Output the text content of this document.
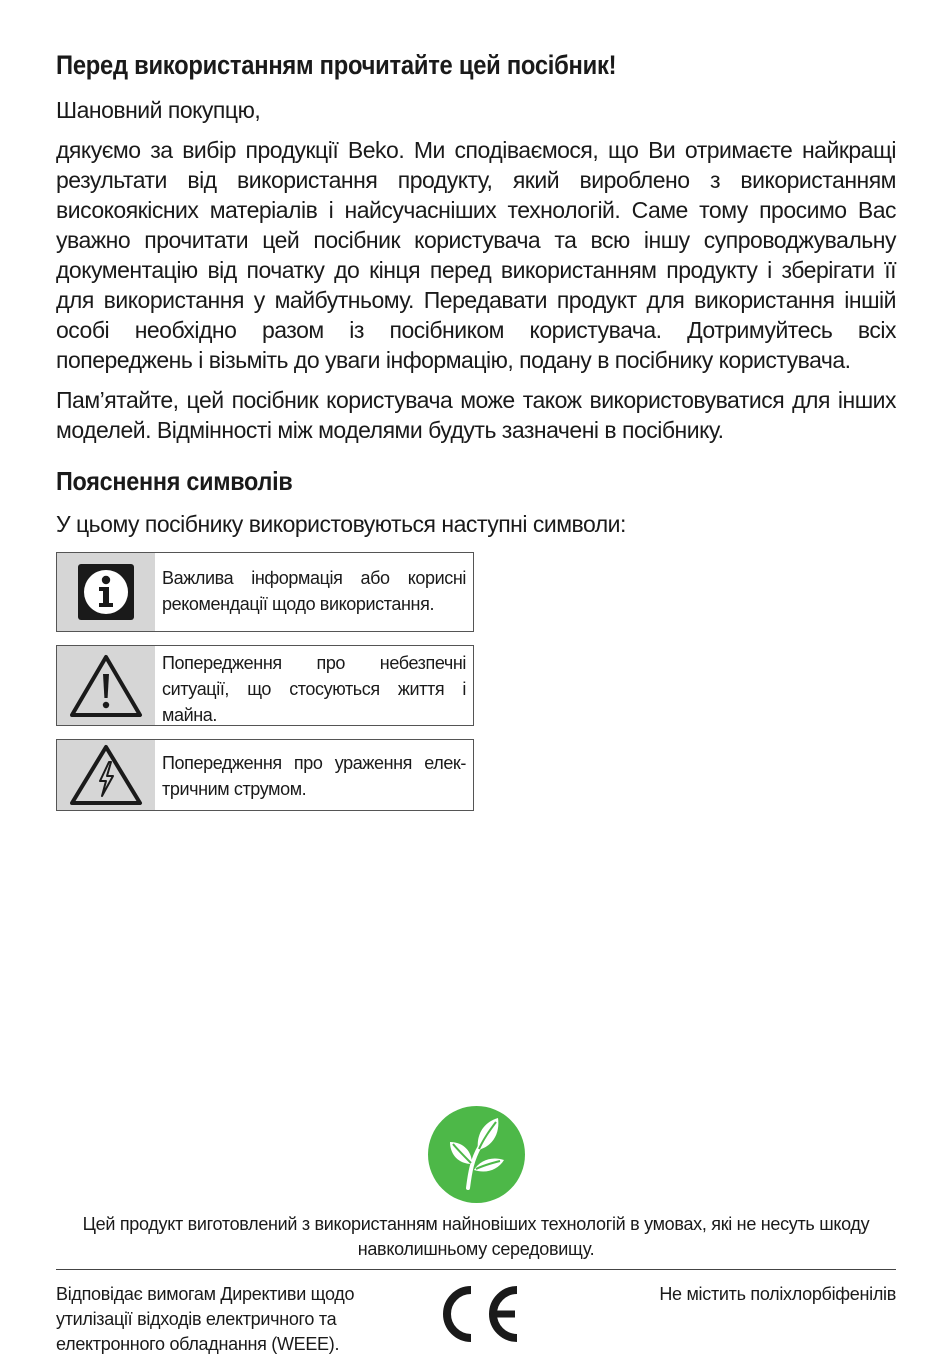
Перед використанням прочитайте цей посібник!
Шановний покупцю,
дякуємо за вибір продукції Beko. Ми сподіваємося, що Ви отримаєте найкращі результати від використання продукту, який вироблено з використанням високоякісних матеріалів і найсучасніших технологій. Саме тому просимо Вас уважно прочитати цей посібник користувача та всю іншу супроводжувальну документацію від початку до кінця перед використанням продукту і зберігати її для використання у майбутньому. Передавати продукт для використання іншій особі необхідно разом із посібником користувача. Дотримуйтесь всіх попереджень і візьміть до уваги інформацію, подану в посібнику користувача.
Пам’ятайте, цей посібник користувача може також використовуватися для інших моделей. Відмінності між моделями будуть зазначені в посібнику.
Пояснення символів
У цьому посібнику використовуються наступні символи:
Важлива інформація або корисні рекомендації щодо використання.
Попередження про небезпечні ситуації, що стосуються життя і майна.
Попередження про ураження елек-тричним струмом.
Цей продукт виготовлений з використанням найновіших технологій в умовах, які не несуть шкоду навколишньому середовищу.
Відповідає вимогам Директиви щодо утилізації відходів електричного та електронного обладнання (WEEE).
Не містить поліхлорбіфенілів
